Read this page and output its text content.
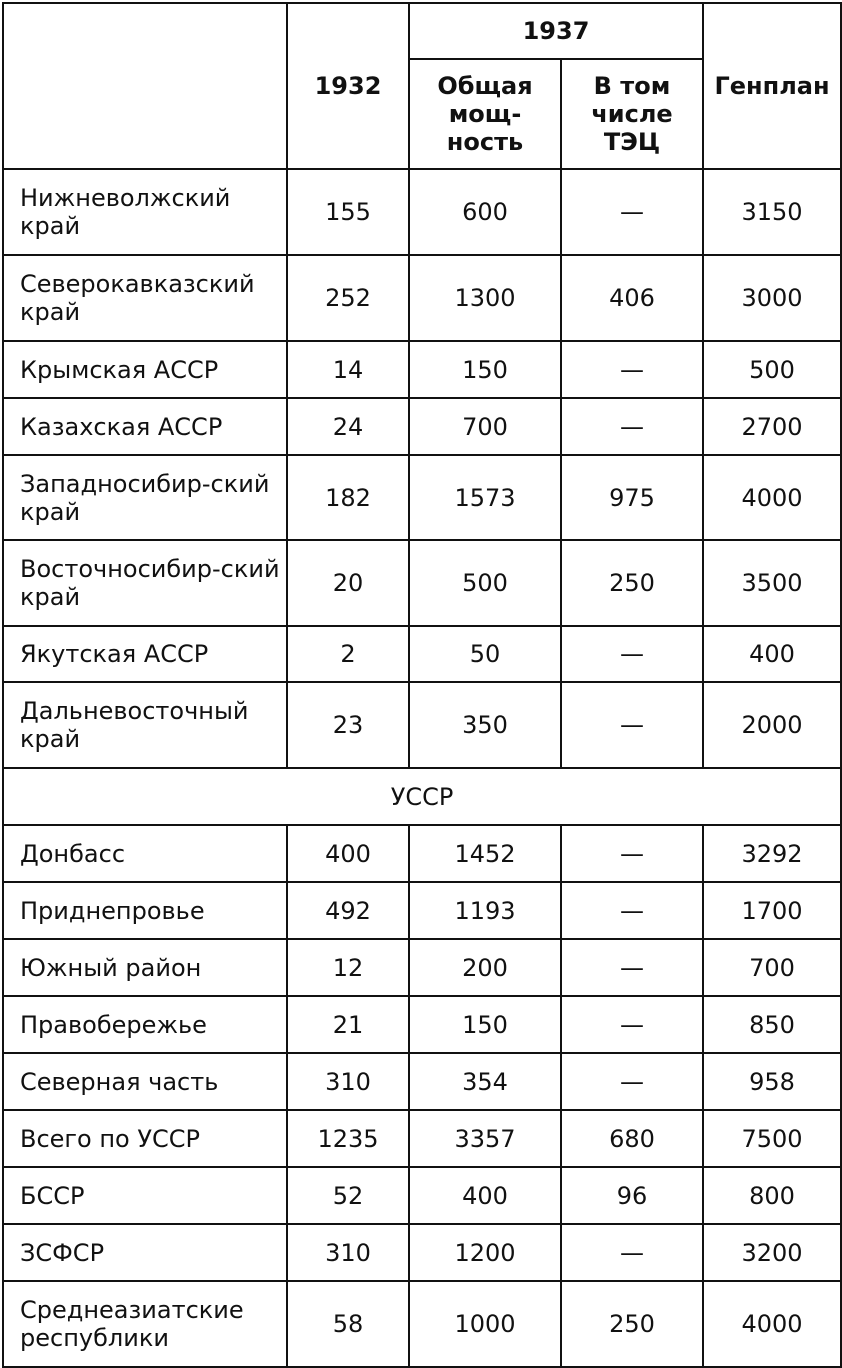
	1932	1937		Генплан

		Общая мощ-ность	В том числе ТЭЦ	

Нижневолжский край	155	600	—	3150
Северокавказский край	252	1300	406	3000
Крымская АССР	14	150	—	500
Казахская АССР	24	700	—	2700
Западносибир-ский край	182	1573	975	4000
Восточносибир-ский край	20	500	250	3500
Якутская АССР	2	50	—	400
Дальневосточный край	23	350	—	2000
УССР				
Донбасс	400	1452	—	3292
Приднепровье	492	1193	—	1700
Южный район	12	200	—	700
Правобережье	21	150	—	850
Северная часть	310	354	—	958
Всего по УССР	1235	3357	680	7500
БССР	52	400	96	800
ЗСФСР	310	1200	—	3200
Среднеазиатские республики	58	1000	250	4000
